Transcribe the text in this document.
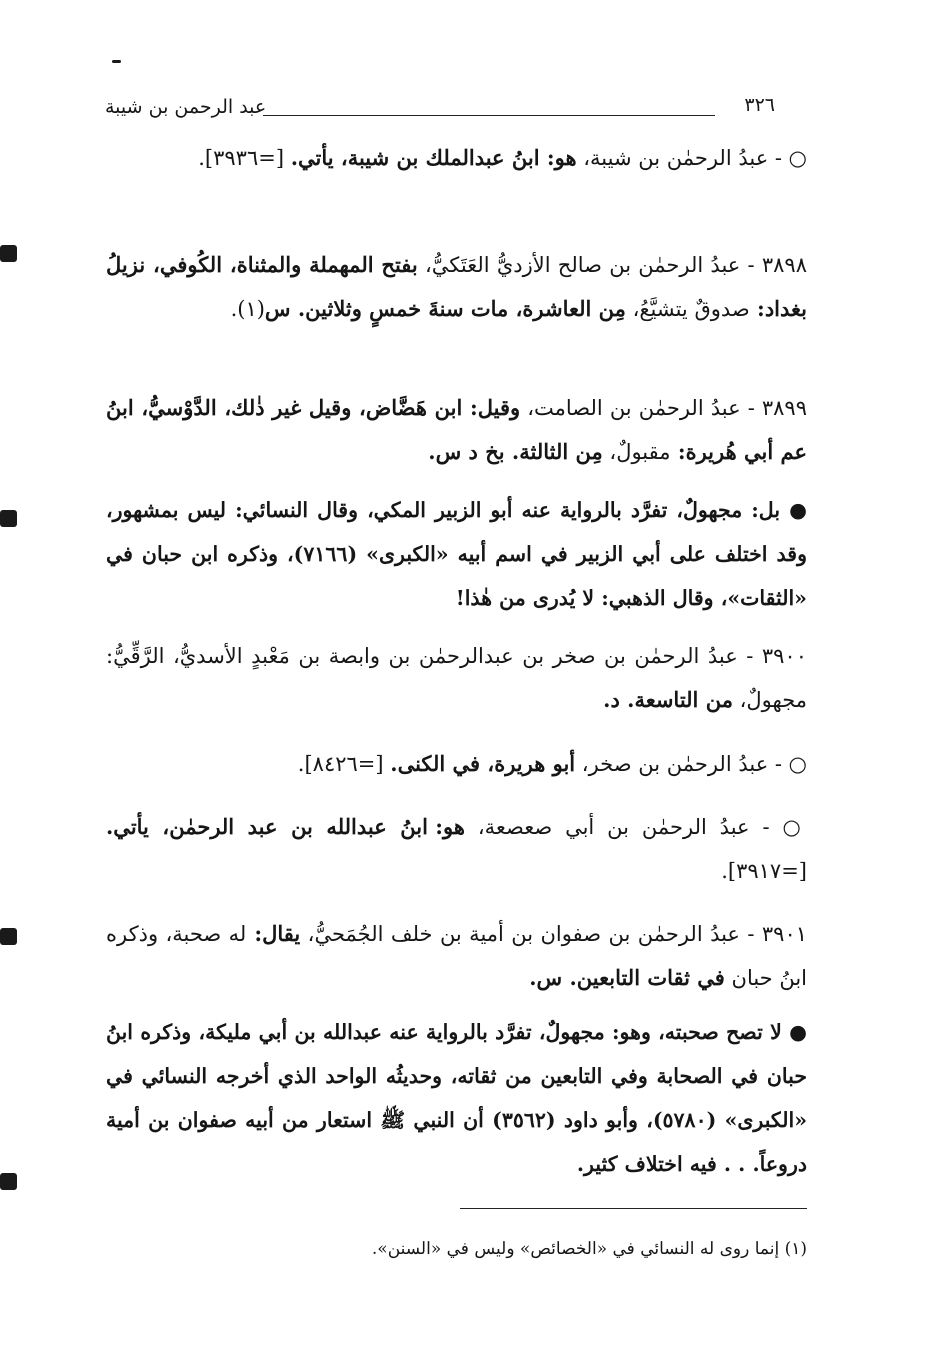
٣٢٦
عبد الرحمن بن شيبة
○ - عبدُ الرحمٰن بن شيبة، هو: ابنُ عبدالملك بن شيبة، يأتي. [=٣٩٣٦].
٣٨٩٨ - عبدُ الرحمٰن بن صالح الأزديُّ العَتَكيُّ، بفتح المهملة والمثناة، الكُوفي، نزيلُ بغداد: صدوقٌ يتشيَّعُ، مِن العاشرة، مات سنةَ خمسٍ وثلاثين. س(١).
٣٨٩٩ - عبدُ الرحمٰن بن الصامت، وقيل: ابن هَضَّاض، وقيل غير ذٰلك، الدَّوْسيُّ، ابنُ عم أبي هُريرة: مقبولٌ، مِن الثالثة. بخ د س.
● بل: مجهولٌ، تفرَّد بالرواية عنه أبو الزبير المكي، وقال النسائي: ليس بمشهور، وقد اختلف على أبي الزبير في اسم أبيه «الكبرى» (٧١٦٦)، وذكره ابن حبان في «الثقات»، وقال الذهبي: لا يُدرى من هٰذا!
٣٩٠٠ - عبدُ الرحمٰن بن صخر بن عبدالرحمٰن بن وابصة بن مَعْبدٍ الأسديُّ، الرَّقِّيُّ: مجهولٌ، من التاسعة. د.
○ - عبدُ الرحمٰن بن صخر، أبو هريرة، في الكنى. [=٨٤٢٦].
○ - عبدُ الرحمٰن بن أبي صعصعة، هو: ابنُ عبدالله بن عبد الرحمٰن، يأتي. [=٣٩١٧].
٣٩٠١ - عبدُ الرحمٰن بن صفوان بن أمية بن خلف الجُمَحيُّ، يقال: له صحبة، وذكره ابنُ حبان في ثقات التابعين. س.
● لا تصح صحبته، وهو: مجهولٌ، تفرَّد بالرواية عنه عبدالله بن أبي مليكة، وذكره ابنُ حبان في الصحابة وفي التابعين من ثقاته، وحديثُه الواحد الذي أخرجه النسائي في «الكبرى» (٥٧٨٠)، وأبو داود (٣٥٦٢) أن النبي ﷺ استعار من أبيه صفوان بن أمية دروعاً. . . فيه اختلاف كثير.
(١) إنما روى له النسائي في «الخصائص» وليس في «السنن».
